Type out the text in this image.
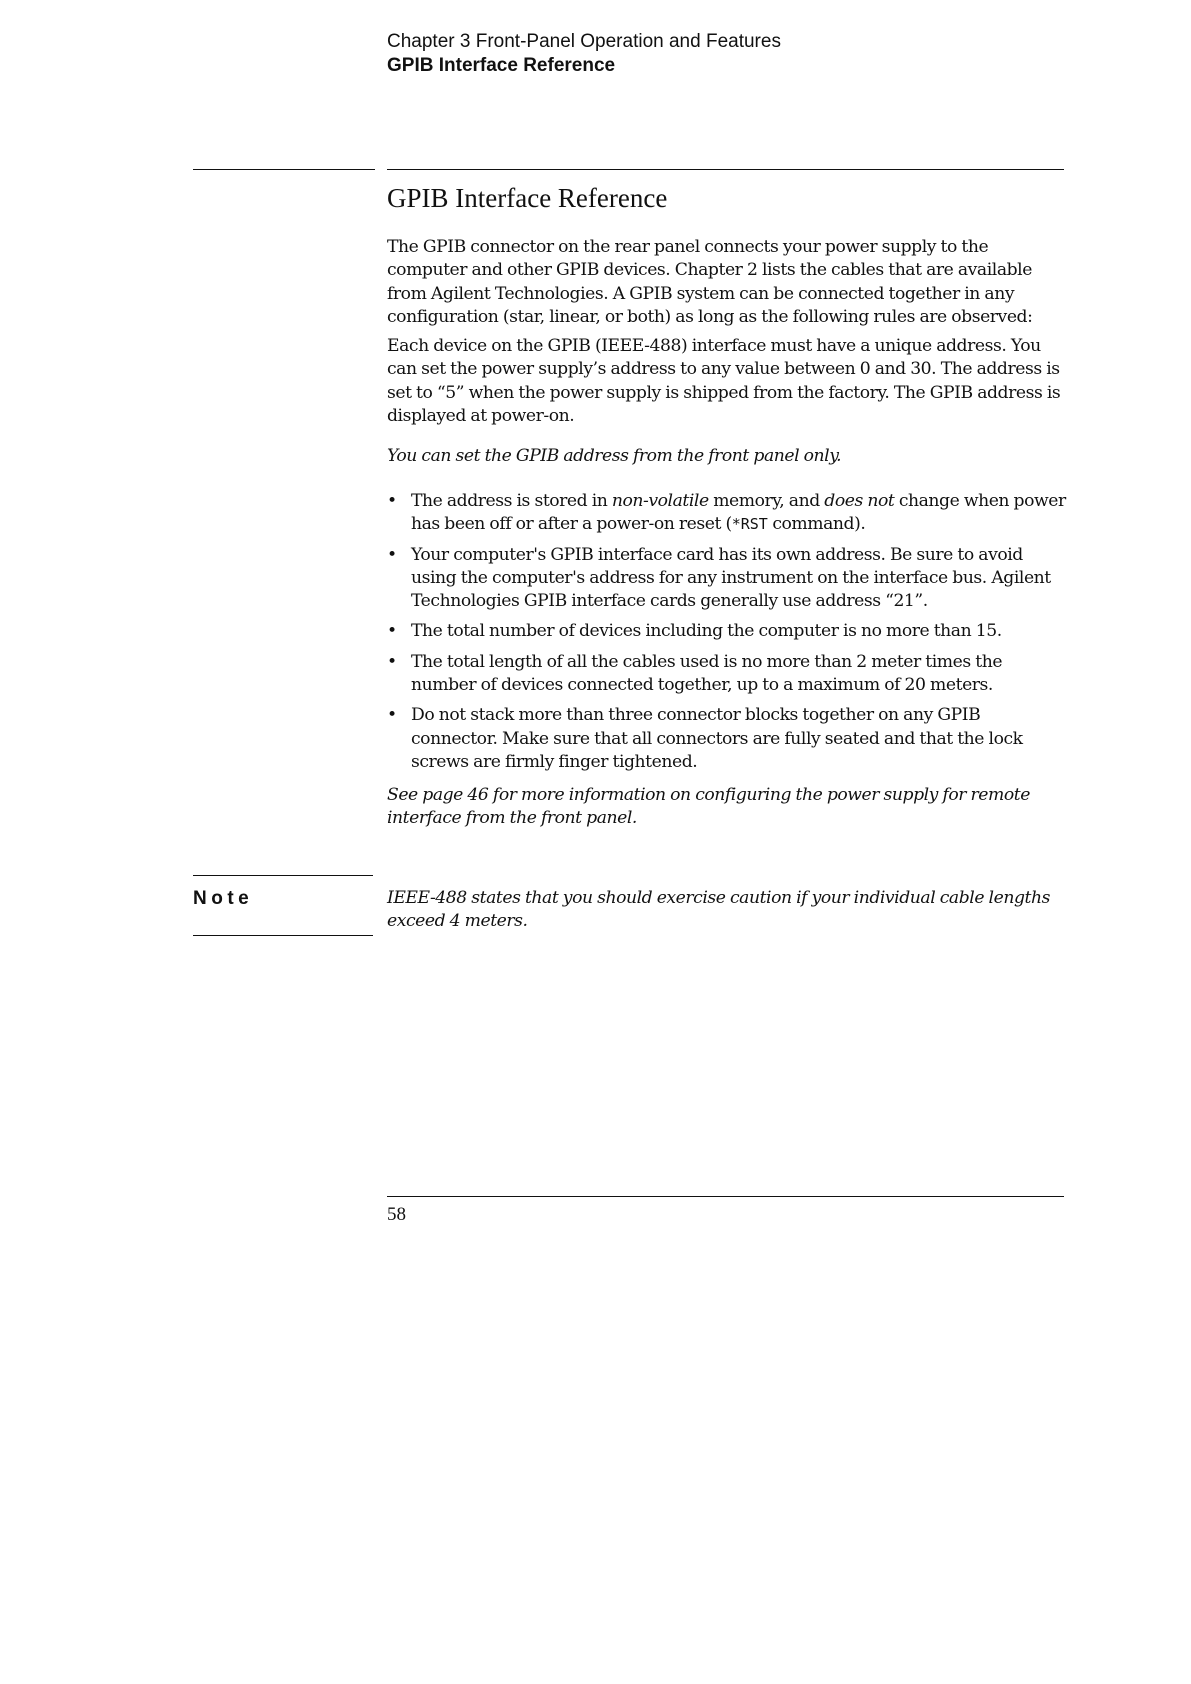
Chapter 3 Front-Panel Operation and Features
GPIB Interface Reference
GPIB Interface Reference

The GPIB connector on the rear panel connects your power supply to the computer and other GPIB devices. Chapter 2 lists the cables that are available from Agilent Technologies. A GPIB system can be connected together in any configuration (star, linear, or both) as long as the following rules are observed:

Each device on the GPIB (IEEE-488) interface must have a unique address. You can set the power supply’s address to any value between 0 and 30. The address is set to “5” when the power supply is shipped from the factory. The GPIB address is displayed at power-on.

You can set the GPIB address from the front panel only.

• The address is stored in non-volatile memory, and does not change when power has been off or after a power-on reset (*RST command).
• Your computer's GPIB interface card has its own address. Be sure to avoid using the computer's address for any instrument on the interface bus. Agilent Technologies GPIB interface cards generally use address “21”.
• The total number of devices including the computer is no more than 15.
• The total length of all the cables used is no more than 2 meter times the number of devices connected together, up to a maximum of 20 meters.
• Do not stack more than three connector blocks together on any GPIB connector. Make sure that all connectors are fully seated and that the lock screws are firmly finger tightened.

See page 46 for more information on configuring the power supply for remote interface from the front panel.

Note	IEEE-488 states that you should exercise caution if your individual cable lengths exceed 4 meters.

58
